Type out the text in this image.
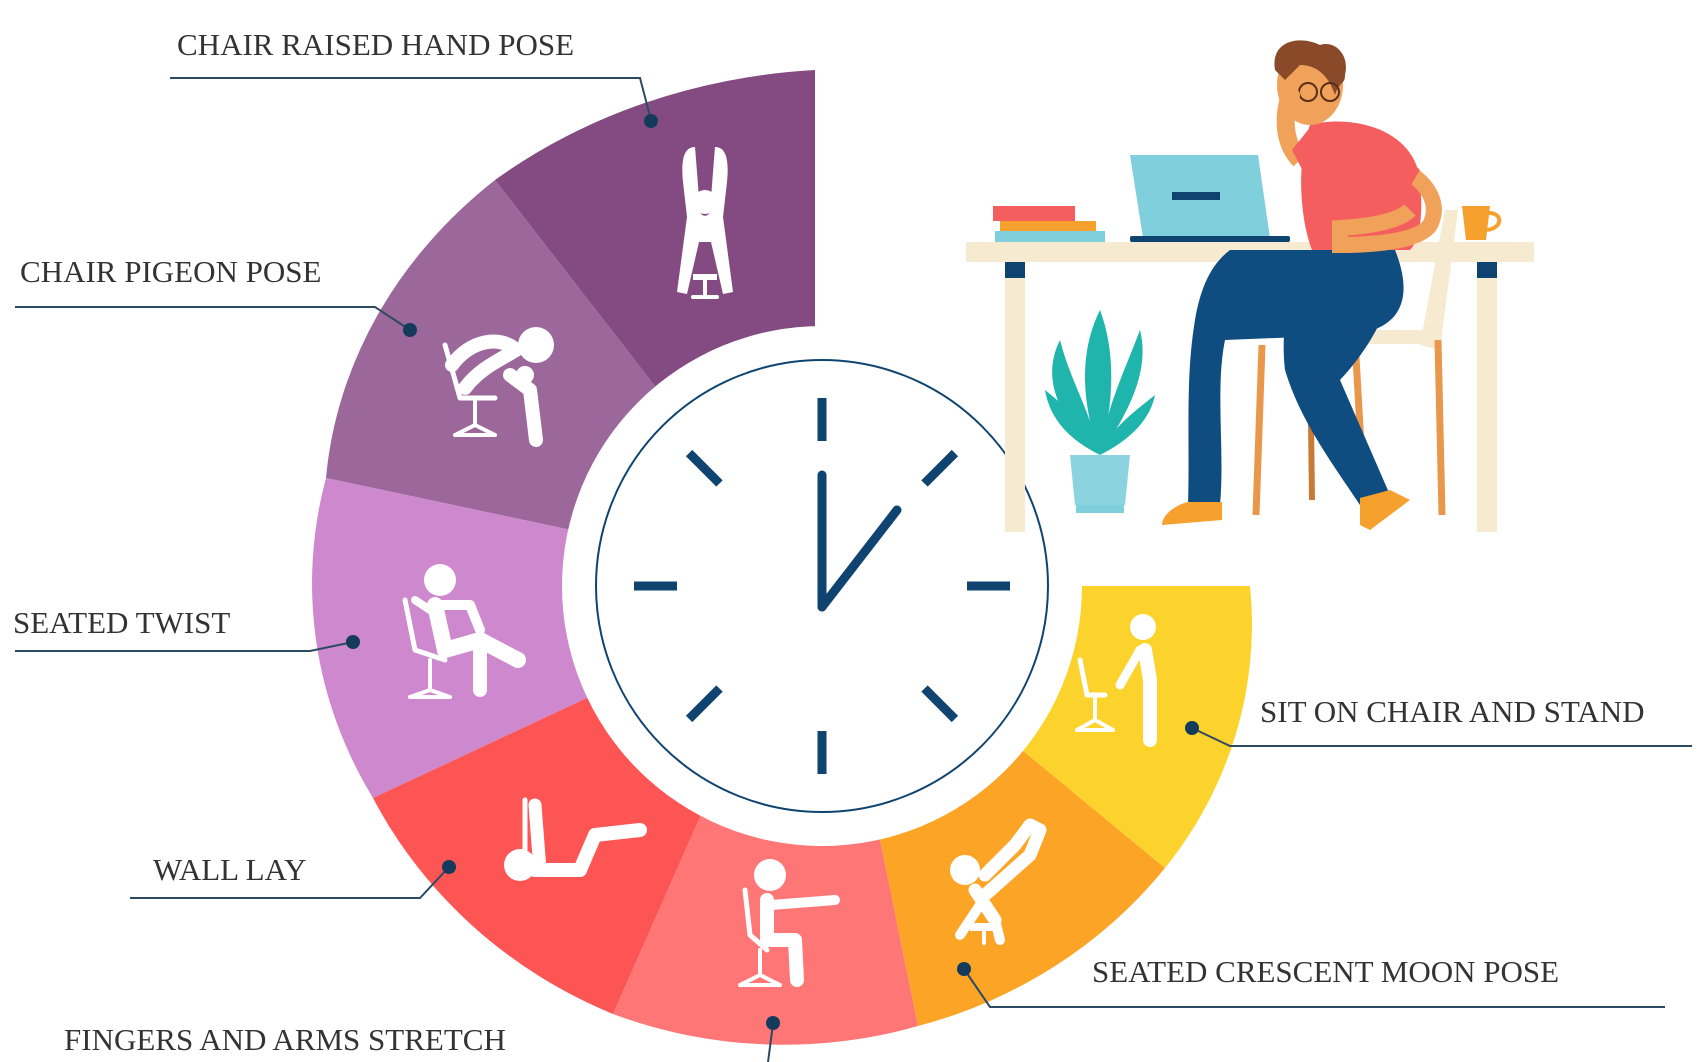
CHAIR RAISED HAND POSE
CHAIR PIGEON POSE
SEATED TWIST
WALL LAY
FINGERS AND ARMS STRETCH
SEATED CRESCENT MOON POSE
SIT ON CHAIR AND STAND
